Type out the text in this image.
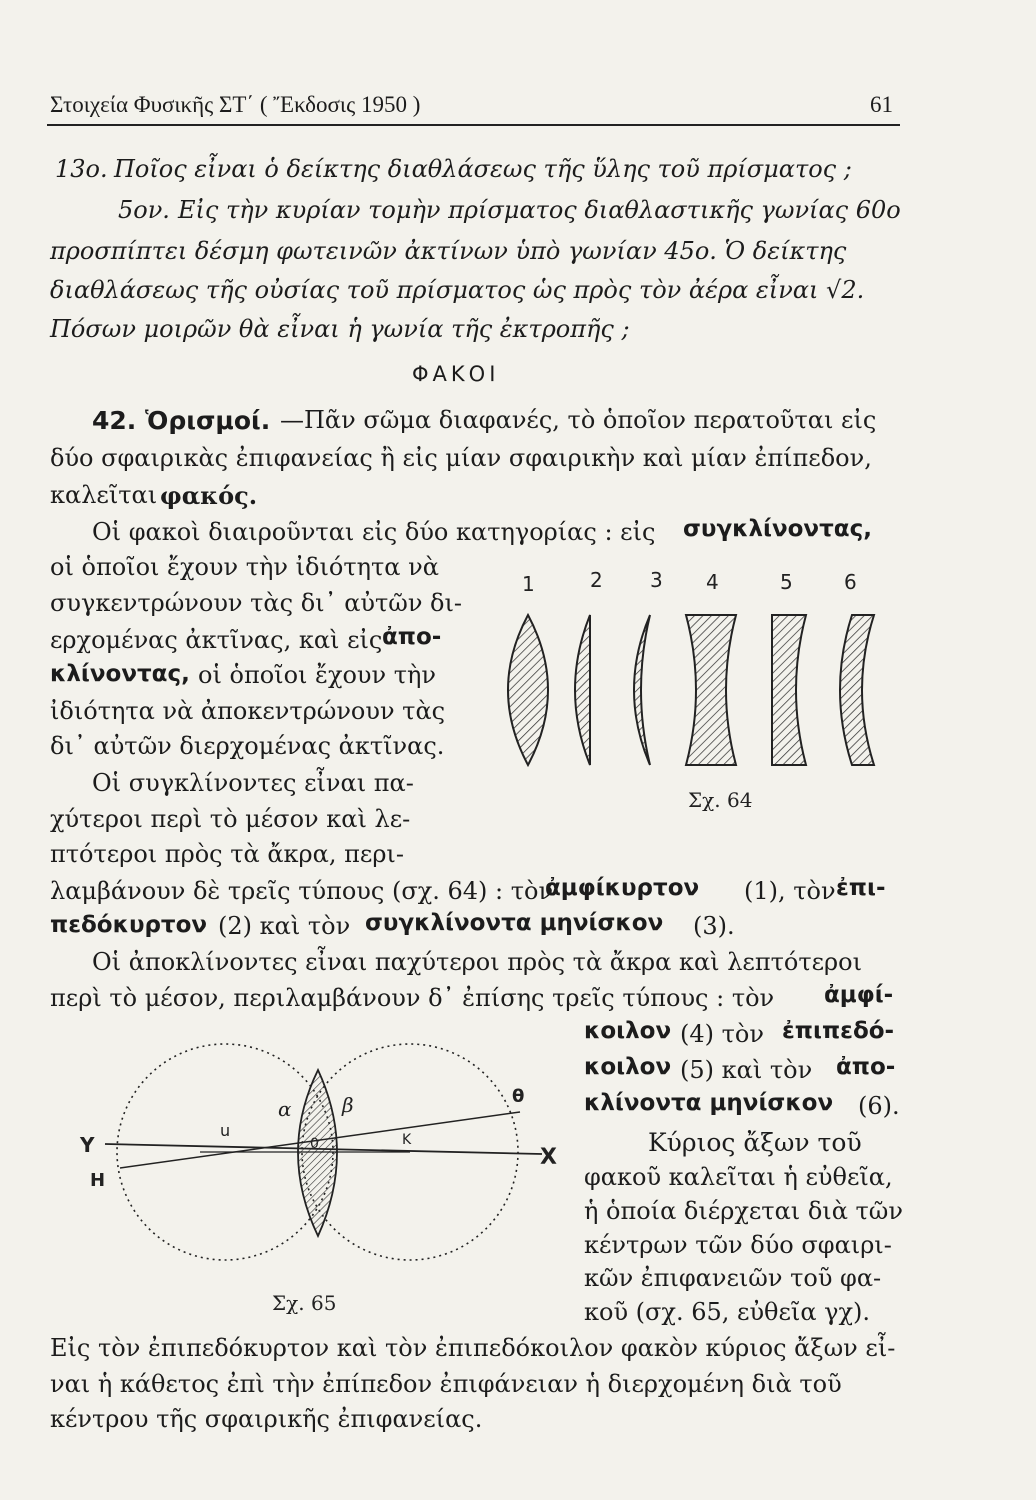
Στοιχεία Φυσικῆς ΣΤ΄ ( Ἔκδοσις 1950 )	61
13ο. Ποῖος εἶναι ὁ δείκτης διαθλάσεως τῆς ὕλης τοῦ πρίσματος ;
5ον. Εἰς τὴν κυρίαν τομὴν πρίσματος διαθλαστικῆς γωνίας 60ο
προσπίπτει δέσμη φωτεινῶν ἀκτίνων ὑπὸ γωνίαν 45ο. Ὁ δείκτης
διαθλάσεως τῆς οὐσίας τοῦ πρίσματος ὡς πρὸς τὸν ἀέρα εἶναι √2.
Πόσων μοιρῶν θὰ εἶναι ἡ γωνία τῆς ἐκτροπῆς ;
ΦΑΚΟΙ
42. Ὁρισμοί. —Πᾶν σῶμα διαφανές, τὸ ὁποῖον περατοῦται εἰς
δύο σφαιρικὰς ἐπιφανείας ἢ εἰς μίαν σφαιρικὴν καὶ μίαν ἐπίπεδον,
καλεῖται φακός.
Οἱ φακοὶ διαιροῦνται εἰς δύο κατηγορίας : εἰς συγκλίνοντας,
οἱ ὁποῖοι ἔχουν τὴν ἰδιότητα νὰ
συγκεντρώνουν τὰς δι᾿ αὐτῶν δι-
ερχομένας ἀκτῖνας, καὶ εἰς ἀπο-
κλίνοντας, οἱ ὁποῖοι ἔχουν τὴν
ἰδιότητα νὰ ἀποκεντρώνουν τὰς
δι᾿ αὐτῶν διερχομένας ἀκτῖνας.
Οἱ συγκλίνοντες εἶναι πα-
χύτεροι περὶ τὸ μέσον καὶ λε-
πτότεροι πρὸς τὰ ἄκρα, περι-
λαμβάνουν δὲ τρεῖς τύπους (σχ. 64) : τὸν
ἀμφίκυρτον (1), τὸν ἐπι-
πεδόκυρτον (2) καὶ τὸν συγκλίνοντα μηνίσκον (3).
Οἱ ἀποκλίνοντες εἶναι παχύτεροι πρὸς τὰ ἄκρα καὶ λεπτότεροι
περὶ τὸ μέσον, περιλαμβάνουν δ᾿ ἐπίσης τρεῖς τύπους : τὸν ἀμφί-
κοιλον (4) τὸν ἐπιπεδό-
κοιλον (5) καὶ τὸν ἀπο-
κλίνοντα μηνίσκον (6).
Κύριος ἄξων τοῦ
φακοῦ καλεῖται ἡ εὐθεῖα,
ἡ ὁποία διέρχεται διὰ τῶν
κέντρων τῶν δύο σφαιρι-
κῶν ἐπιφανειῶν τοῦ φα-
κοῦ (σχ. 65, εὐθεῖα γχ).
Εἰς τὸν ἐπιπεδόκυρτον καὶ τὸν ἐπιπεδόκοιλον φακὸν κύριος ἄξων εἶ-
ναι ἡ κάθετος ἐπὶ τὴν ἐπίπεδον ἐπιφάνειαν ἡ διερχομένη διὰ τοῦ
κέντρου τῆς σφαιρικῆς ἐπιφανείας.
1	2 3 4	5	6
Σχ. 64
Υ
Η
u
α	β
0	Κ
θ
Χ
Σχ. 65
